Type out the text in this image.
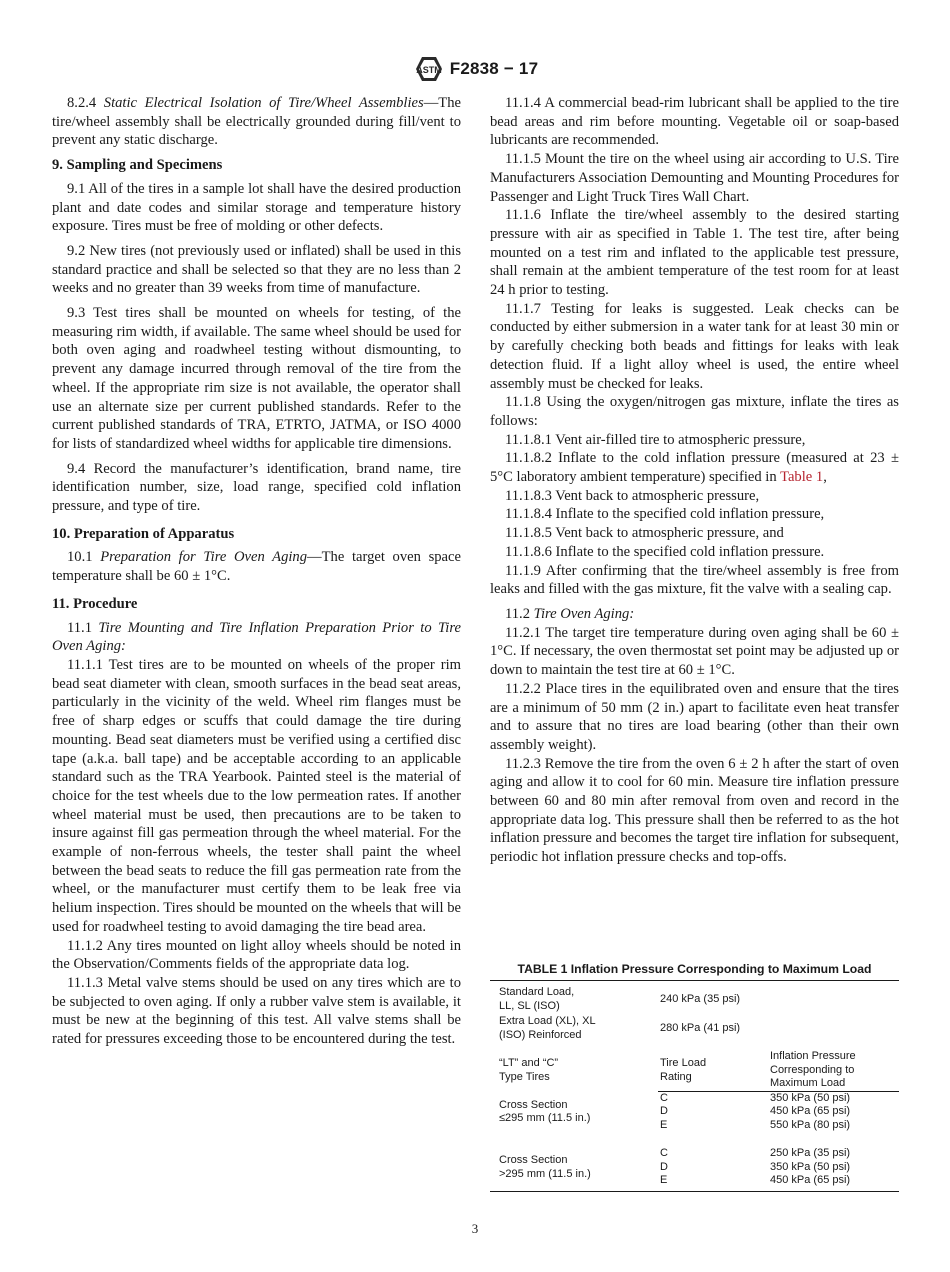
ASTM F2838 − 17

8.2.4 Static Electrical Isolation of Tire/Wheel Assemblies—The tire/wheel assembly shall be electrically grounded during fill/vent to prevent any static discharge.

9. Sampling and Specimens

9.1 All of the tires in a sample lot shall have the desired production plant and date codes and similar storage and temperature history exposure. Tires must be free of molding or other defects.

9.2 New tires (not previously used or inflated) shall be used in this standard practice and shall be selected so that they are no less than 2 weeks and no greater than 39 weeks from time of manufacture.

9.3 Test tires shall be mounted on wheels for testing, of the measuring rim width, if available. The same wheel should be used for both oven aging and roadwheel testing without dismounting, to prevent any damage incurred through removal of the tire from the wheel. If the appropriate rim size is not available, the operator shall use an alternate size per current published standards. Refer to the current published standards of TRA, ETRTO, JATMA, or ISO 4000 for lists of standardized wheel widths for applicable tire dimensions.

9.4 Record the manufacturer’s identification, brand name, tire identification number, size, load range, specified cold inflation pressure, and type of tire.

10. Preparation of Apparatus

10.1 Preparation for Tire Oven Aging—The target oven space temperature shall be 60 ± 1°C.

11. Procedure

11.1 Tire Mounting and Tire Inflation Preparation Prior to Tire Oven Aging:

11.1.1 Test tires are to be mounted on wheels of the proper rim bead seat diameter with clean, smooth surfaces in the bead seat areas, particularly in the vicinity of the weld. Wheel rim flanges must be free of sharp edges or scuffs that could damage the tire during mounting. Bead seat diameters must be verified using a certified disc tape (a.k.a. ball tape) and be acceptable according to an applicable standard such as the TRA Yearbook. Painted steel is the material of choice for the test wheels due to the low permeation rates. If another wheel material must be used, then precautions are to be taken to insure against fill gas permeation through the wheel material. For the example of non-ferrous wheels, the tester shall paint the wheel between the bead seats to reduce the fill gas permeation rate from the wheel, or the manufacturer must certify them to be leak free via helium inspection. Tires should be mounted on the wheels that will be used for roadwheel testing to avoid damaging the tire bead area.

11.1.2 Any tires mounted on light alloy wheels should be noted in the Observation/Comments fields of the appropriate data log.

11.1.3 Metal valve stems should be used on any tires which are to be subjected to oven aging. If only a rubber valve stem is available, it must be new at the beginning of this test. All valve stems shall be rated for pressures exceeding those to be encountered during the test.

11.1.4 A commercial bead-rim lubricant shall be applied to the tire bead areas and rim before mounting. Vegetable oil or soap-based lubricants are recommended.

11.1.5 Mount the tire on the wheel using air according to U.S. Tire Manufacturers Association Demounting and Mounting Procedures for Passenger and Light Truck Tires Wall Chart.

11.1.6 Inflate the tire/wheel assembly to the desired starting pressure with air as specified in Table 1. The test tire, after being mounted on a test rim and inflated to the applicable test pressure, shall remain at the ambient temperature of the test room for at least 24 h prior to testing.

11.1.7 Testing for leaks is suggested. Leak checks can be conducted by either submersion in a water tank for at least 30 min or by carefully checking both beads and fittings for leaks with leak detection fluid. If a light alloy wheel is used, the entire wheel assembly must be checked for leaks.

11.1.8 Using the oxygen/nitrogen gas mixture, inflate the tires as follows:

11.1.8.1 Vent air-filled tire to atmospheric pressure,

11.1.8.2 Inflate to the cold inflation pressure (measured at 23 ± 5°C laboratory ambient temperature) specified in Table 1,

11.1.8.3 Vent back to atmospheric pressure,

11.1.8.4 Inflate to the specified cold inflation pressure,

11.1.8.5 Vent back to atmospheric pressure, and

11.1.8.6 Inflate to the specified cold inflation pressure.

11.1.9 After confirming that the tire/wheel assembly is free from leaks and filled with the gas mixture, fit the valve with a sealing cap.

11.2 Tire Oven Aging:

11.2.1 The target tire temperature during oven aging shall be 60 ± 1°C. If necessary, the oven thermostat set point may be adjusted up or down to maintain the test tire at 60 ± 1°C.

11.2.2 Place tires in the equilibrated oven and ensure that the tires are a minimum of 50 mm (2 in.) apart to facilitate even heat transfer and to assure that no tires are load bearing (other than their own assembly weight).

11.2.3 Remove the tire from the oven 6 ± 2 h after the start of oven aging and allow it to cool for 60 min. Measure tire inflation pressure between 60 and 80 min after removal from oven and record in the appropriate data log. This pressure shall then be referred to as the hot inflation pressure and becomes the target tire inflation for subsequent, periodic hot inflation pressure checks and top-offs.

TABLE 1 Inflation Pressure Corresponding to Maximum Load
Standard Load,
LL, SL (ISO)
240 kPa (35 psi)
Extra Load (XL), XL
(ISO) Reinforced
280 kPa (41 psi)
“LT” and “C”
Type Tires
Tire Load
Rating
Inflation Pressure
Corresponding to
Maximum Load
Cross Section
≤295 mm (11.5 in.)
C
D
E
350 kPa (50 psi)
450 kPa (65 psi)
550 kPa (80 psi)
Cross Section
>295 mm (11.5 in.)
C
D
E
250 kPa (35 psi)
350 kPa (50 psi)
450 kPa (65 psi)
3
